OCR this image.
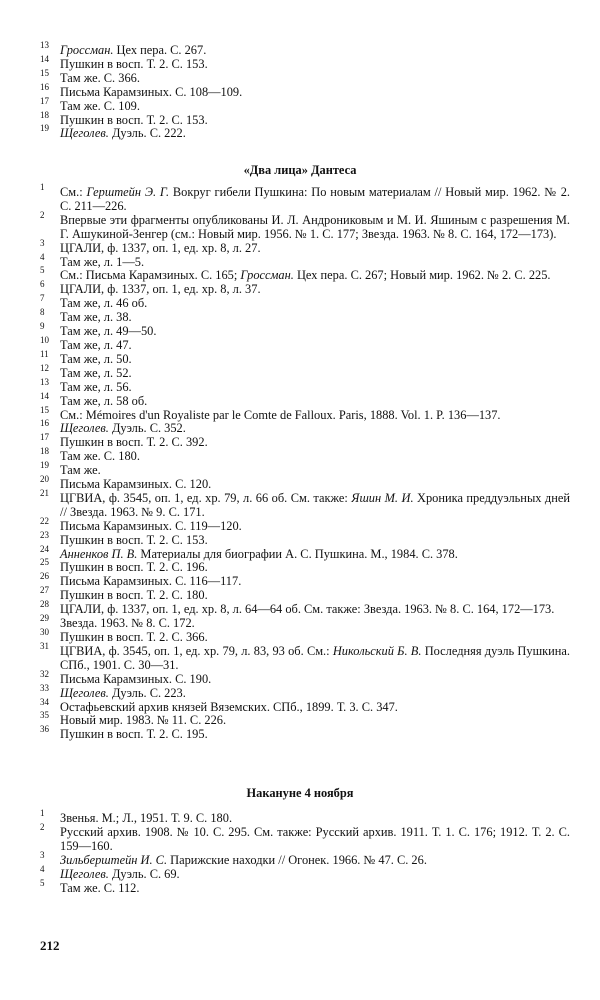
13 Гроссман. Цех пера. С. 267.
14 Пушкин в восп. Т. 2. С. 153.
15 Там же. С. 366.
16 Письма Карамзиных. С. 108—109.
17 Там же. С. 109.
18 Пушкин в восп. Т. 2. С. 153.
19 Щеголев. Дуэль. С. 222.
«Два лица» Дантеса
1 См.: Герштейн Э. Г. Вокруг гибели Пушкина: По новым материалам // Новый мир. 1962. № 2. С. 211—226.
2 Впервые эти фрагменты опубликованы И. Л. Андрониковым и М. И. Яшиным с разрешения М. Г. Ашукиной-Зенгер (см.: Новый мир. 1956. № 1. С. 177; Звезда. 1963. № 8. С. 164, 172—173).
3 ЦГАЛИ, ф. 1337, оп. 1, ед. хр. 8, л. 27.
4 Там же, л. 1—5.
5 См.: Письма Карамзиных. С. 165; Гроссман. Цех пера. С. 267; Новый мир. 1962. № 2. С. 225.
6 ЦГАЛИ, ф. 1337, оп. 1, ед. хр. 8, л. 37.
7 Там же, л. 46 об.
8 Там же, л. 38.
9 Там же, л. 49—50.
10 Там же, л. 47.
11 Там же, л. 50.
12 Там же, л. 52.
13 Там же, л. 56.
14 Там же, л. 58 об.
15 См.: Mémoires d'un Royaliste par le Comte de Falloux. Paris, 1888. Vol. 1. P. 136—137.
16 Щеголев. Дуэль. С. 352.
17 Пушкин в восп. Т. 2. С. 392.
18 Там же. С. 180.
19 Там же.
20 Письма Карамзиных. С. 120.
21 ЦГВИА, ф. 3545, оп. 1, ед. хр. 79, л. 66 об. См. также: Яшин М. И. Хроника преддуэльных дней // Звезда. 1963. № 9. С. 171.
22 Письма Карамзиных. С. 119—120.
23 Пушкин в восп. Т. 2. С. 153.
24 Анненков П. В. Материалы для биографии А. С. Пушкина. М., 1984. С. 378.
25 Пушкин в восп. Т. 2. С. 196.
26 Письма Карамзиных. С. 116—117.
27 Пушкин в восп. Т. 2. С. 180.
28 ЦГАЛИ, ф. 1337, оп. 1, ед. хр. 8, л. 64—64 об. См. также: Звезда. 1963. № 8. С. 164, 172—173.
29 Звезда. 1963. № 8. С. 172.
30 Пушкин в восп. Т. 2. С. 366.
31 ЦГВИА, ф. 3545, оп. 1, ед. хр. 79, л. 83, 93 об. См.: Никольский Б. В. Последняя дуэль Пушкина. СПб., 1901. С. 30—31.
32 Письма Карамзиных. С. 190.
33 Щеголев. Дуэль. С. 223.
34 Остафьевский архив князей Вяземских. СПб., 1899. Т. 3. С. 347.
35 Новый мир. 1983. № 11. С. 226.
36 Пушкин в восп. Т. 2. С. 195.
Накануне 4 ноября
1 Звенья. М.; Л., 1951. Т. 9. С. 180.
2 Русский архив. 1908. № 10. С. 295. См. также: Русский архив. 1911. Т. 1. С. 176; 1912. Т. 2. С. 159—160.
3 Зильберштейн И. С. Парижские находки // Огонек. 1966. № 47. С. 26.
4 Щеголев. Дуэль. С. 69.
5 Там же. С. 112.
212
